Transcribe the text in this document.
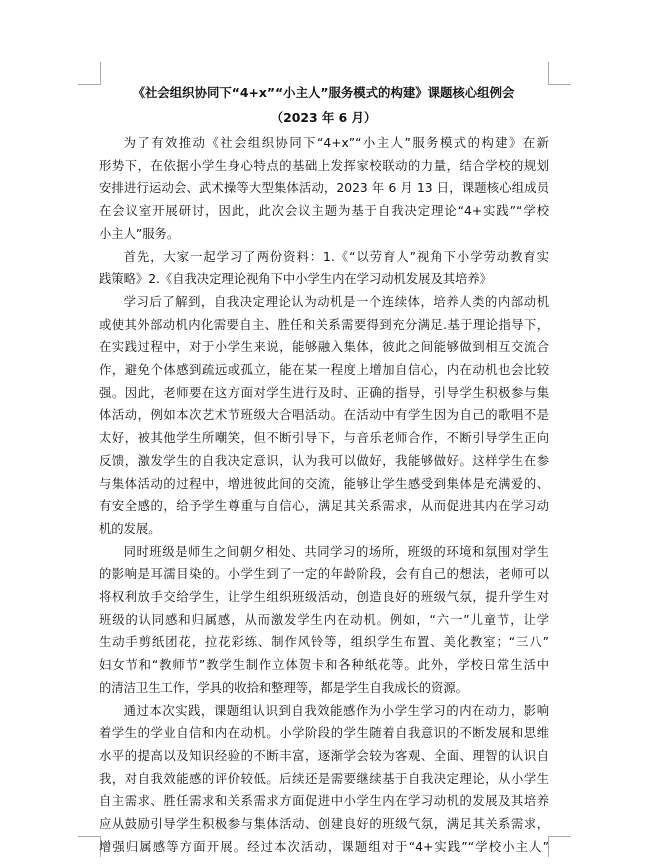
《社会组织协同下“4+x”“小主人”服务模式的构建》课题核心组例会
（2023 年 6 月）

为了有效推动《社会组织协同下“4+x”“小主人”服务模式的构建》在新
形势下，在依据小学生身心特点的基础上发挥家校联动的力量，结合学校的规划
安排进行运动会、武术操等大型集体活动，2023 年 6 月 13 日，课题核心组成员
在会议室开展研讨，因此，此次会议主题为基于自我决定理论“4+实践”“学校
小主人”服务。

首先，大家一起学习了两份资料：1.《“以劳育人”视角下小学劳动教育实
践策略》2.《自我决定理论视角下中小学生内在学习动机发展及其培养》

学习后了解到，自我决定理论认为动机是一个连续体，培养人类的内部动机
或使其外部动机内化需要自主、胜任和关系需要得到充分满足.基于理论指导下，
在实践过程中，对于小学生来说，能够融入集体，彼此之间能够做到相互交流合
作，避免个体感到疏远或孤立，能在某一程度上增加自信心，内在动机也会比较
强。因此，老师要在这方面对学生进行及时、正确的指导，引导学生积极参与集
体活动，例如本次艺术节班级大合唱活动。在活动中有学生因为自己的歌唱不是
太好，被其他学生所嘲笑，但不断引导下，与音乐老师合作，不断引导学生正向
反馈，激发学生的自我决定意识，认为我可以做好，我能够做好。这样学生在参
与集体活动的过程中，增进彼此间的交流，能够让学生感受到集体是充满爱的、
有安全感的，给予学生尊重与自信心，满足其关系需求，从而促进其内在学习动
机的发展。

同时班级是师生之间朝夕相处、共同学习的场所，班级的环境和氛围对学生
的影响是耳濡目染的。小学生到了一定的年龄阶段，会有自己的想法，老师可以
将权利放手交给学生，让学生组织班级活动，创造良好的班级气氛，提升学生对
班级的认同感和归属感，从而激发学生内在动机。例如，“六一”儿童节，让学
生动手剪纸团花，拉花彩练、制作风铃等，组织学生布置、美化教室；“三八”
妇女节和“教师节”教学生制作立体贺卡和各种纸花等。此外，学校日常生活中
的清洁卫生工作，学具的收拾和整理等，都是学生自我成长的资源。

通过本次实践，课题组认识到自我效能感作为小学生学习的内在动力，影响
着学生的学业自信和内在动机。小学阶段的学生随着自我意识的不断发展和思维
水平的提高以及知识经验的不断丰富，逐渐学会较为客观、全面、理智的认识自
我，对自我效能感的评价较低。后续还是需要继续基于自我决定理论，从小学生
自主需求、胜任需求和关系需求方面促进中小学生内在学习动机的发展及其培养
应从鼓励引导学生积极参与集体活动、创建良好的班级气氛，满足其关系需求，
增强归属感等方面开展。经过本次活动，课题组对于“4+实践”“学校小主人”
